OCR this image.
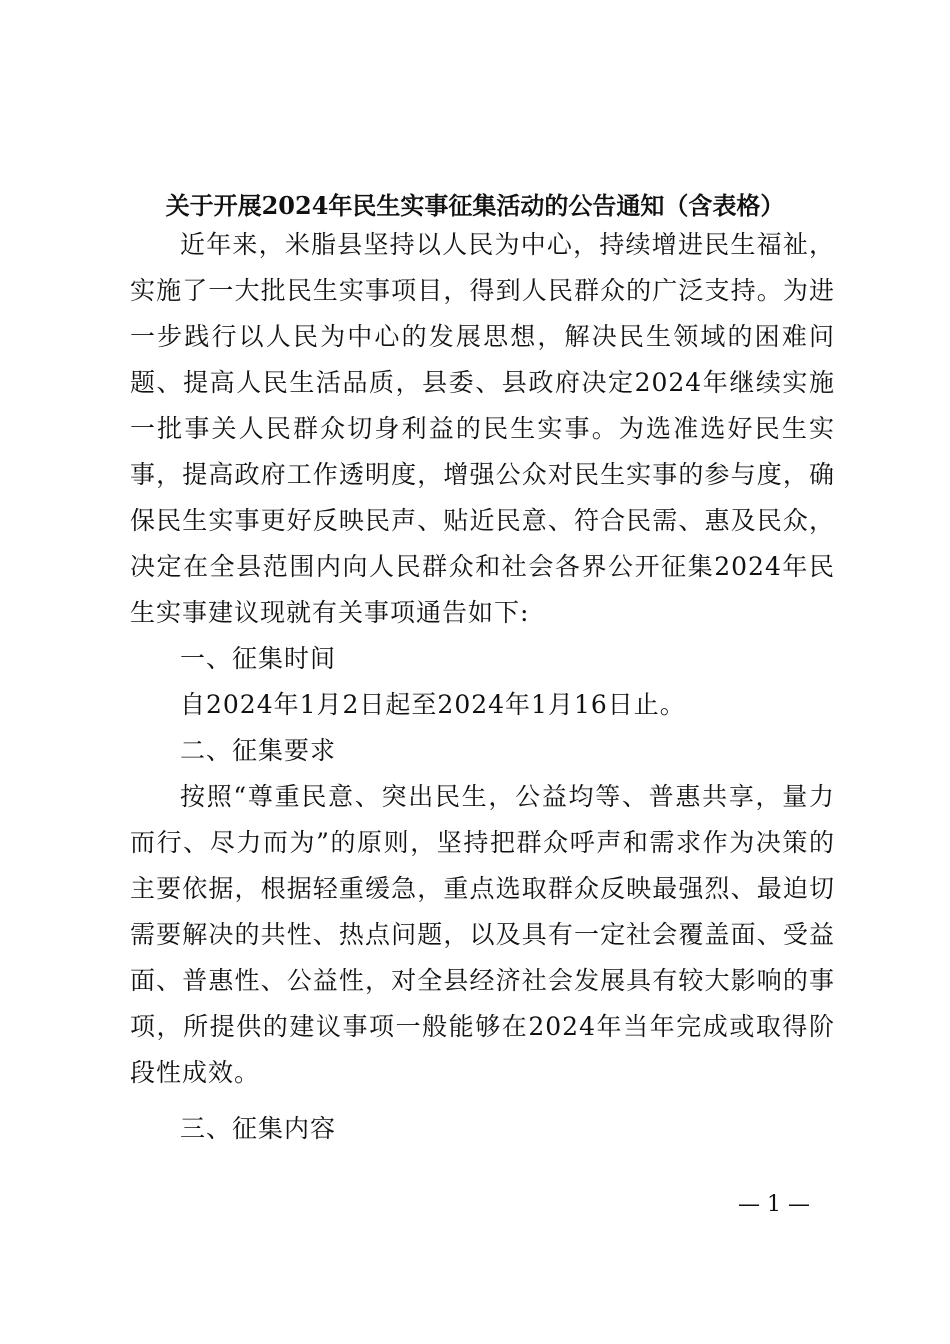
关于开展2024年民生实事征集活动的公告通知（含表格）

近年来，米脂县坚持以人民为中心，持续增进民生福祉，实施了一大批民生实事项目，得到人民群众的广泛支持。为进一步践行以人民为中心的发展思想，解决民生领域的困难问题、提高人民生活品质，县委、县政府决定2024年继续实施一批事关人民群众切身利益的民生实事。为选准选好民生实事，提高政府工作透明度，增强公众对民生实事的参与度，确保民生实事更好反映民声、贴近民意、符合民需、惠及民众，决定在全县范围内向人民群众和社会各界公开征集2024年民生实事建议现就有关事项通告如下:

一、征集时间

自2024年1月2日起至2024年1月16日止。

二、征集要求

按照“尊重民意、突出民生，公益均等、普惠共享，量力而行、尽力而为”的原则，坚持把群众呼声和需求作为决策的主要依据，根据轻重缓急，重点选取群众反映最强烈、最迫切需要解决的共性、热点问题，以及具有一定社会覆盖面、受益面、普惠性、公益性，对全县经济社会发展具有较大影响的事项，所提供的建议事项一般能够在2024年当年完成或取得阶段性成效。

三、征集内容
— 1 —
